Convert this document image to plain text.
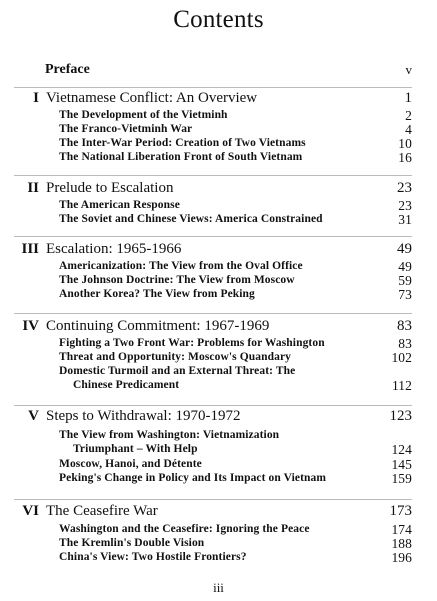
Contents
Preface	v
I Vietnamese Conflict: An Overview	1
The Development of the Vietminh	2
The Franco-Vietminh War	4
The Inter-War Period: Creation of Two Vietnams	10
The National Liberation Front of South Vietnam	16
II Prelude to Escalation	23
The American Response	23
The Soviet and Chinese Views: America Constrained	31
III Escalation: 1965-1966	49
Americanization: The View from the Oval Office	49
The Johnson Doctrine: The View from Moscow	59
Another Korea? The View from Peking	73
IV Continuing Commitment: 1967-1969	83
Fighting a Two Front War: Problems for Washington	83
Threat and Opportunity: Moscow's Quandary	102
Domestic Turmoil and an External Threat: The
Chinese Predicament	112
V Steps to Withdrawal: 1970-1972	123
The View from Washington: Vietnamization
Triumphant – With Help	124
Moscow, Hanoi, and Détente	145
Peking's Change in Policy and Its Impact on Vietnam	159
VI The Ceasefire War	173
Washington and the Ceasefire: Ignoring the Peace	174
The Kremlin's Double Vision	188
China's View: Two Hostile Frontiers?	196
iii
